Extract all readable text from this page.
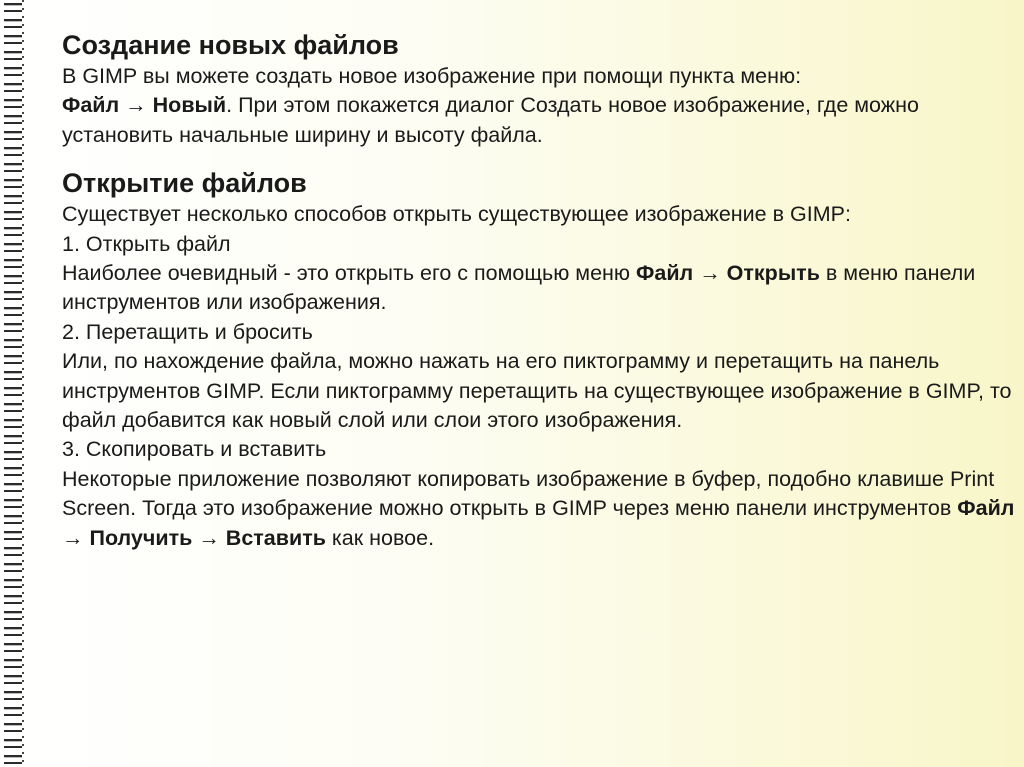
Создание новых файлов

В GIMP вы можете создать новое изображение при помощи пункта меню:
Файл → Новый. При этом покажется диалог Создать новое изображение, где можно установить начальные ширину и высоту файла.

Открытие файлов

Существует несколько способов открыть существующее изображение в GIMP:

1. Открыть файл

Наиболее очевидный - это открыть его с помощью меню Файл → Открыть в меню панели инструментов или изображения.

2. Перетащить и бросить

Или, по нахождение файла, можно нажать на его пиктограмму и перетащить на панель инструментов GIMP. Если пиктограмму перетащить на существующее изображение в GIMP, то файл добавится как новый слой или слои этого изображения.

3. Скопировать и вставить

Некоторые приложение позволяют копировать изображение в буфер, подобно клавише Print Screen. Тогда это изображение можно открыть в GIMP через меню панели инструментов Файл → Получить → Вставить как новое.
